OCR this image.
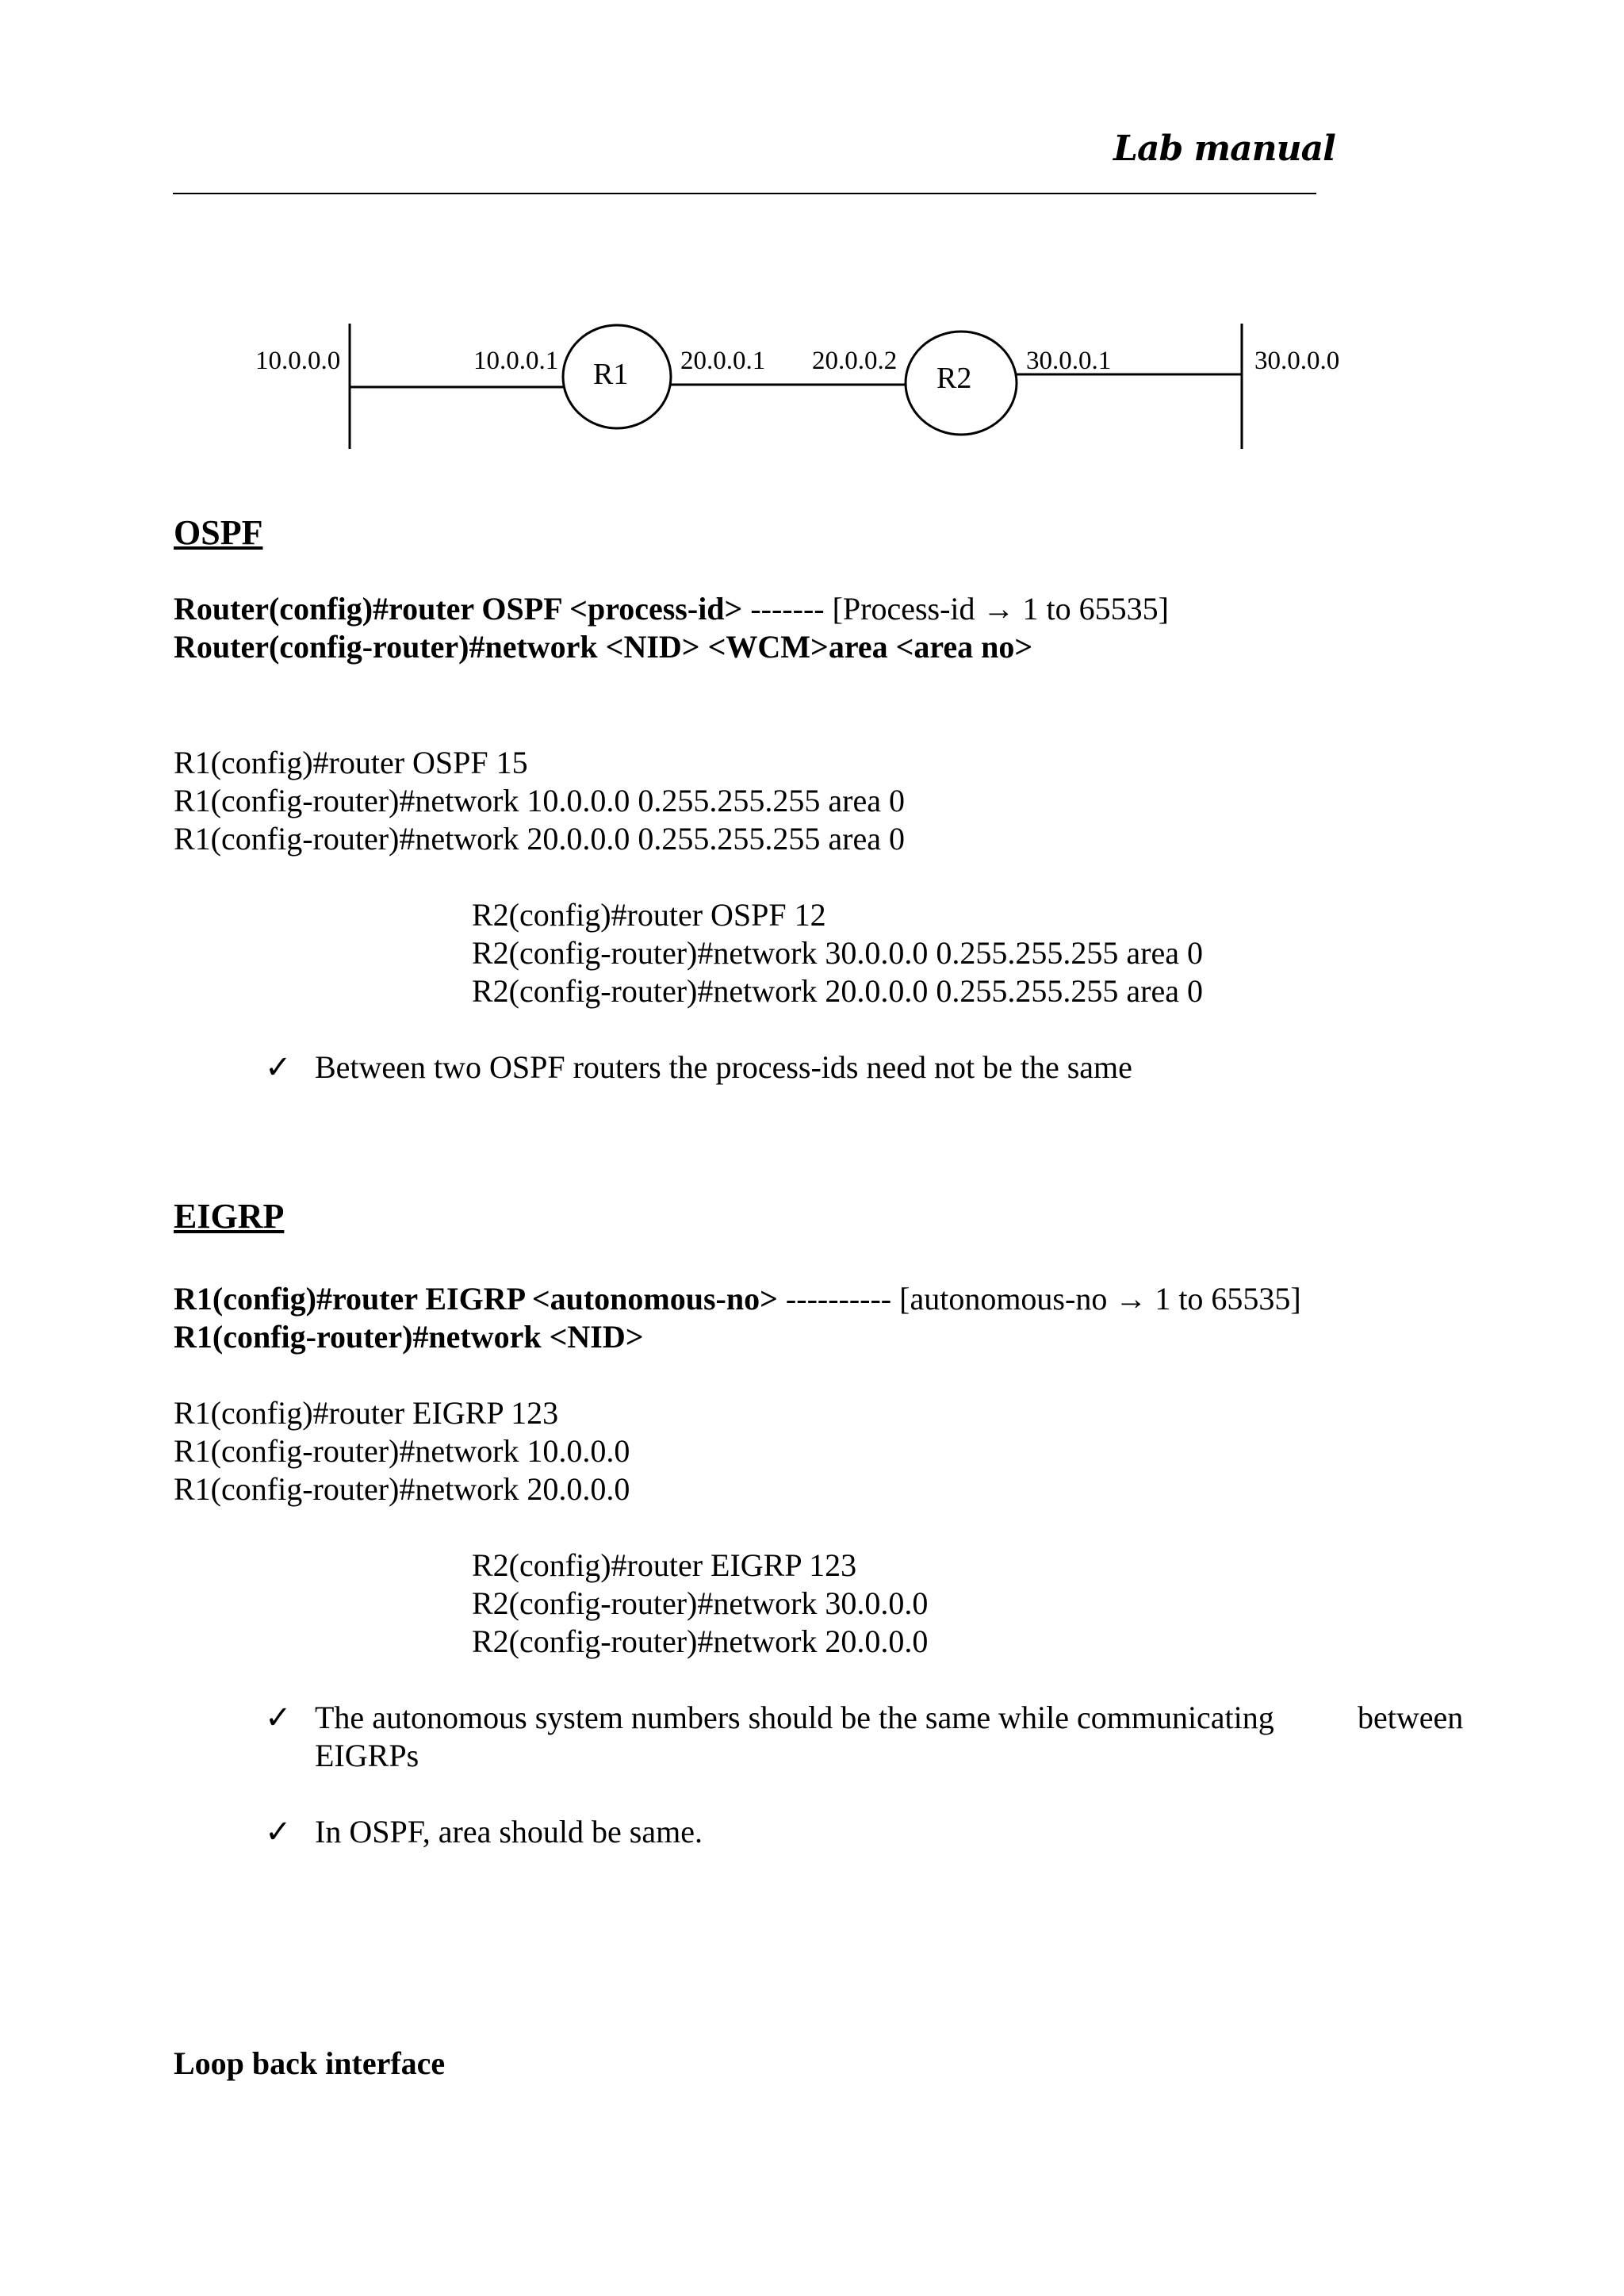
Lab manual
10.0.0.0	10.0.0.1 R1 20.0.0.1 20.0.0.2
R2
30.0.0.1	30.0.0.0
OSPF
Router(config)#router OSPF <process-id> ------- [Process-id → 1 to 65535]
Router(config-router)#network <NID> <WCM>area <area no>
R1(config)#router OSPF 15
R1(config-router)#network 10.0.0.0 0.255.255.255 area 0
R1(config-router)#network 20.0.0.0 0.255.255.255 area 0
R2(config)#router OSPF 12
R2(config-router)#network 30.0.0.0 0.255.255.255 area 0
R2(config-router)#network 20.0.0.0 0.255.255.255 area 0
✓ Between two OSPF routers the process-ids need not be the same
EIGRP
R1(config)#router EIGRP <autonomous-no> ---------- [autonomous-no → 1 to 65535]
R1(config-router)#network <NID>
R1(config)#router EIGRP 123
R1(config-router)#network 10.0.0.0
R1(config-router)#network 20.0.0.0
R2(config)#router EIGRP 123
R2(config-router)#network 30.0.0.0
R2(config-router)#network 20.0.0.0
✓ The autonomous system numbers should be the same while communicating	between
EIGRPs
✓ In OSPF, area should be same.
Loop back interface
